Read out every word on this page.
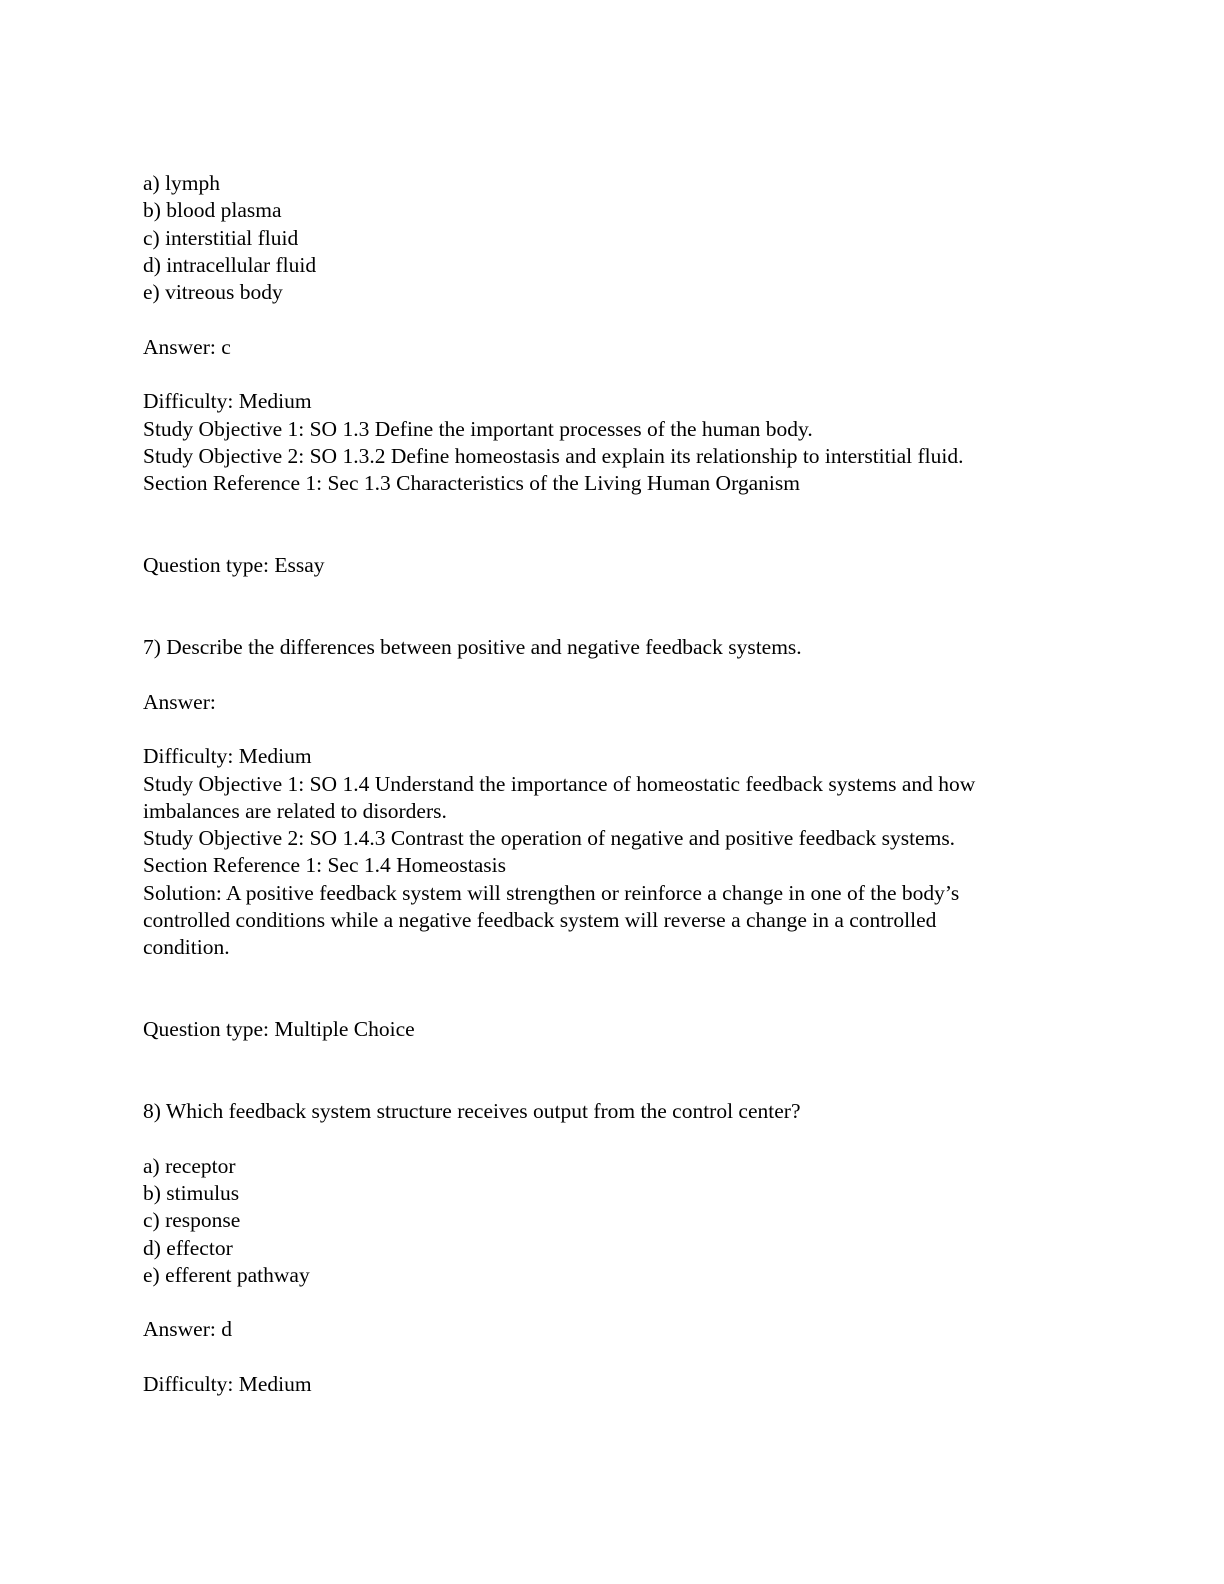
a) lymph
b) blood plasma
c) interstitial fluid
d) intracellular fluid
e) vitreous body
Answer: c
Difficulty: Medium
Study Objective 1: SO 1.3 Define the important processes of the human body.
Study Objective 2: SO 1.3.2 Define homeostasis and explain its relationship to interstitial fluid.
Section Reference 1: Sec 1.3 Characteristics of the Living Human Organism
Question type: Essay
7) Describe the differences between positive and negative feedback systems.
Answer:
Difficulty: Medium
Study Objective 1: SO 1.4 Understand the importance of homeostatic feedback systems and how
imbalances are related to disorders.
Study Objective 2: SO 1.4.3 Contrast the operation of negative and positive feedback systems.
Section Reference 1: Sec 1.4 Homeostasis
Solution: A positive feedback system will strengthen or reinforce a change in one of the body’s
controlled conditions while a negative feedback system will reverse a change in a controlled
condition.
Question type: Multiple Choice
8) Which feedback system structure receives output from the control center?
a) receptor
b) stimulus
c) response
d) effector
e) efferent pathway
Answer: d
Difficulty: Medium
